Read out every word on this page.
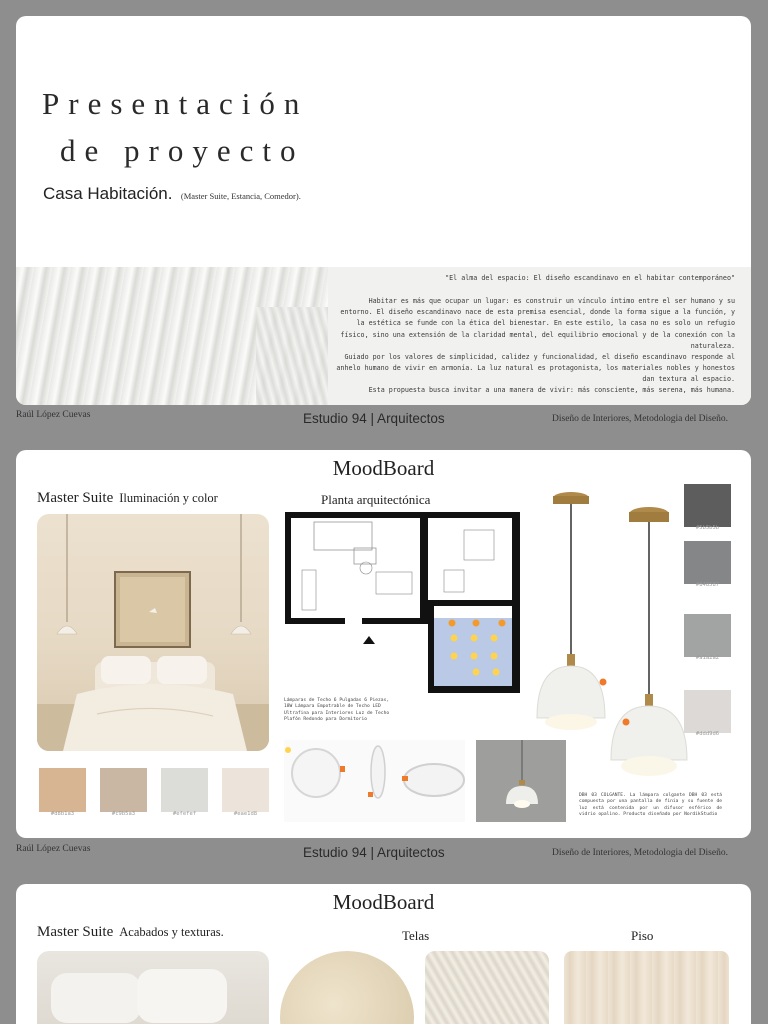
Presentación
de proyecto
Casa Habitación. (Master Suite, Estancia, Comedor).
"El alma del espacio: El diseño escandinavo en el habitar contemporáneo"
Habitar es más que ocupar un lugar: es construir un vínculo íntimo entre el ser humano y su entorno. El diseño escandinavo nace de esta premisa esencial, donde la forma sigue a la función, y la estética se funde con la ética del bienestar. En este estilo, la casa no es solo un refugio físico, sino una extensión de la claridad mental, del equilibrio emocional y de la conexión con la naturaleza.
Guiado por los valores de simplicidad, calidez y funcionalidad, el diseño escandinavo responde al anhelo humano de vivir en armonía. La luz natural es protagonista, los materiales nobles y honestos dan textura al espacio.
Esta propuesta busca invitar a una manera de vivir: más consciente, más serena, más humana.
Raúl López Cuevas	Estudio 94 | Arquitectos	Diseño de Interiores, Metodologia del Diseño.
MoodBoard
Master Suite Iluminación y color	Planta arquitectónica
#d8b1a3	#c9b5a3	#efefef	#eae1d8
Lámparas de Techo 6 Pulgadas 6 Piezas, 18W Lámpara Empotrable de Techo LED Ultrafina para Interiores Luz de Techo Plafón Redondo para Dormitorio
DBH 03 COLGANTE. La lámpara colgante DBH 03 está compuesta por una pantalla de finia y su fuente de luz está contenida por un difusor esférico de vidrio opalino. Producto diseñado por NordikStudio
#5b5b5b
#848587
#a1a2a2
#ddd9d6
Raúl López Cuevas	Estudio 94 | Arquitectos	Diseño de Interiores, Metodologia del Diseño.
MoodBoard
Master Suite Acabados y texturas.	Telas	Piso
